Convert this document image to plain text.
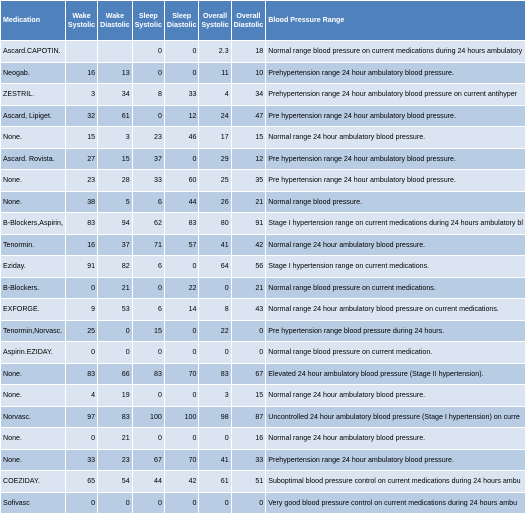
Medication	Wake Systolic	Wake Diastolic	Sleep Systolic	Sleep Diastolic	Overall Systolic	Overall Diastolic	Blood Pressure Range
Ascard.CAPOTIN.			0	0	2.3	18	Normal range blood pressure on current medications during 24 hours ambulatory
Neogab.	16	13	0	0	11	10	Prehypertension range 24 hour ambulatory blood pressure.
ZESTRIL.	3	34	8	33	4	34	Prehypertension range 24 hour ambulatory blood pressure on current antihyper
Ascard, Lipiget.	32	61	0	12	24	47	Pre hypertension range 24 hour ambulatory blood pressure.
None.	15	3	23	46	17	15	Normal range 24 hour ambulatory blood pressure.
Ascard. Rovista.	27	15	37	0	29	12	Pre hypertension range 24 hour ambulatory blood pressure.
None.	23	28	33	60	25	35	Pre hypertension range 24 hour ambulatory blood pressure.
None.	38	5	6	44	26	21	Normal range blood pressure.
B-Blockers,Aspirin,	83	94	62	83	80	91	Stage I hypertension range on current medications during 24 hours ambulatory bl
Tenormin.	16	37	71	57	41	42	Normal range 24 hour ambulatory blood pressure.
Eziday.	91	82	6	0	64	56	Stage I hypertension range on current medications.
B-Blockers.	0	21	0	22	0	21	Normal range blood pressure on current medications.
EXFORGE.	9	53	6	14	8	43	Normal range 24 hour ambulatory blood pressure on current medications.
Tenormin,Norvasc.	25	0	15	0	22	0	Pre hypertension range blood pressure during 24 hours.
Aspirin.EZIDAY.	0	0	0	0	0	0	Normal range blood pressure on current medication.
None.	83	66	83	70	83	67	Elevated 24 hour ambulatory blood pressure (Stage II hypertension).
None.	4	19	0	0	3	15	Normal range 24 hour ambulatory blood pressure.
Norvasc.	97	83	100	100	98	87	Uncontrolled 24 hour ambulatory blood pressure (Stage I hypertension) on curre
None.	0	21	0	0	0	16	Normal range 24 hour ambulatory blood pressure.
None.	33	23	67	70	41	33	Prehypertension range 24 hour ambulatory blood pressure.
COEZIDAY.	65	54	44	42	61	51	Suboptimal blood pressure control on current medications during 24 hours ambu
Sofivasc	0	0	0	0	0	0	Very good blood pressure control on current medications during 24 hours ambu
